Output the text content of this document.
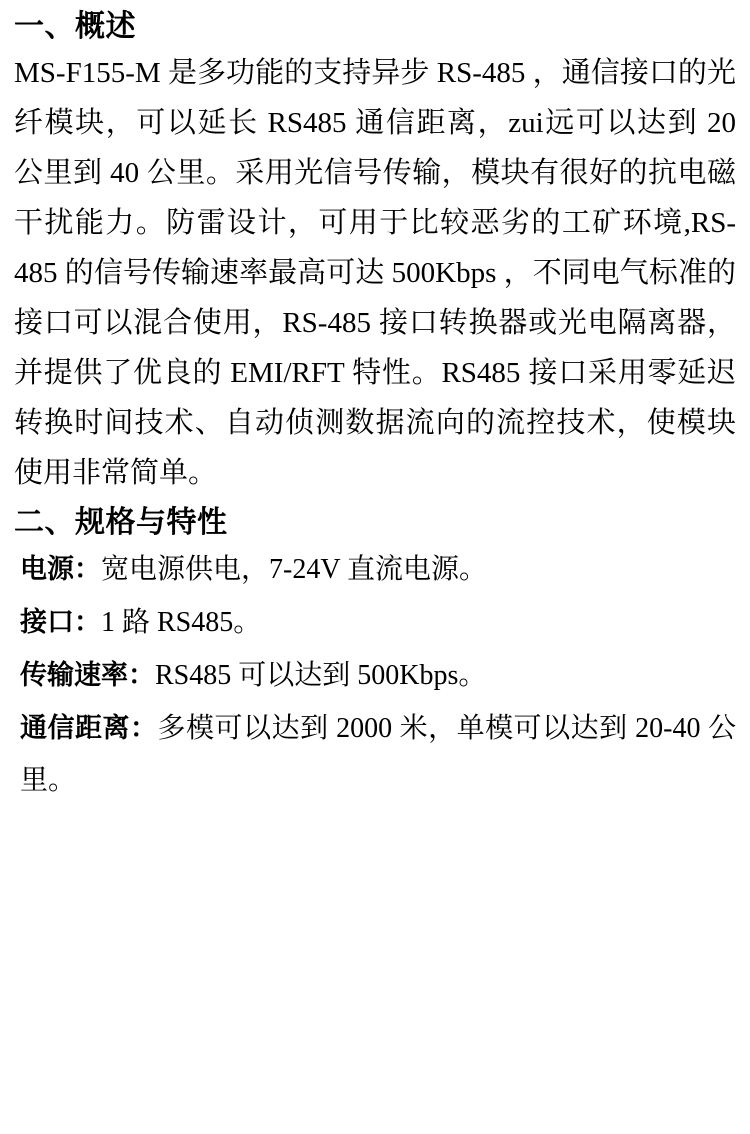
一、概述

MS-F155-M 是多功能的支持异步 RS-485 ，通信接口的光纤模块，可以延长 RS485 通信距离，zui远可以达到 20 公里到 40 公里。采用光信号传输，模块有很好的抗电磁干扰能力。防雷设计，可用于比较恶劣的工矿环境,RS-485 的信号传输速率最高可达 500Kbps ，不同电气标准的接口可以混合使用，RS-485 接口转换器或光电隔离器，并提供了优良的 EMI/RFT 特性。RS485 接口采用零延迟转换时间技术、自动侦测数据流向的流控技术，使模块使用非常简单。

二、规格与特性
电源：宽电源供电，7-24V 直流电源。
接口：1 路 RS485。
传输速率：RS485 可以达到 500Kbps。
通信距离：多模可以达到 2000 米，单模可以达到 20-40 公里。
